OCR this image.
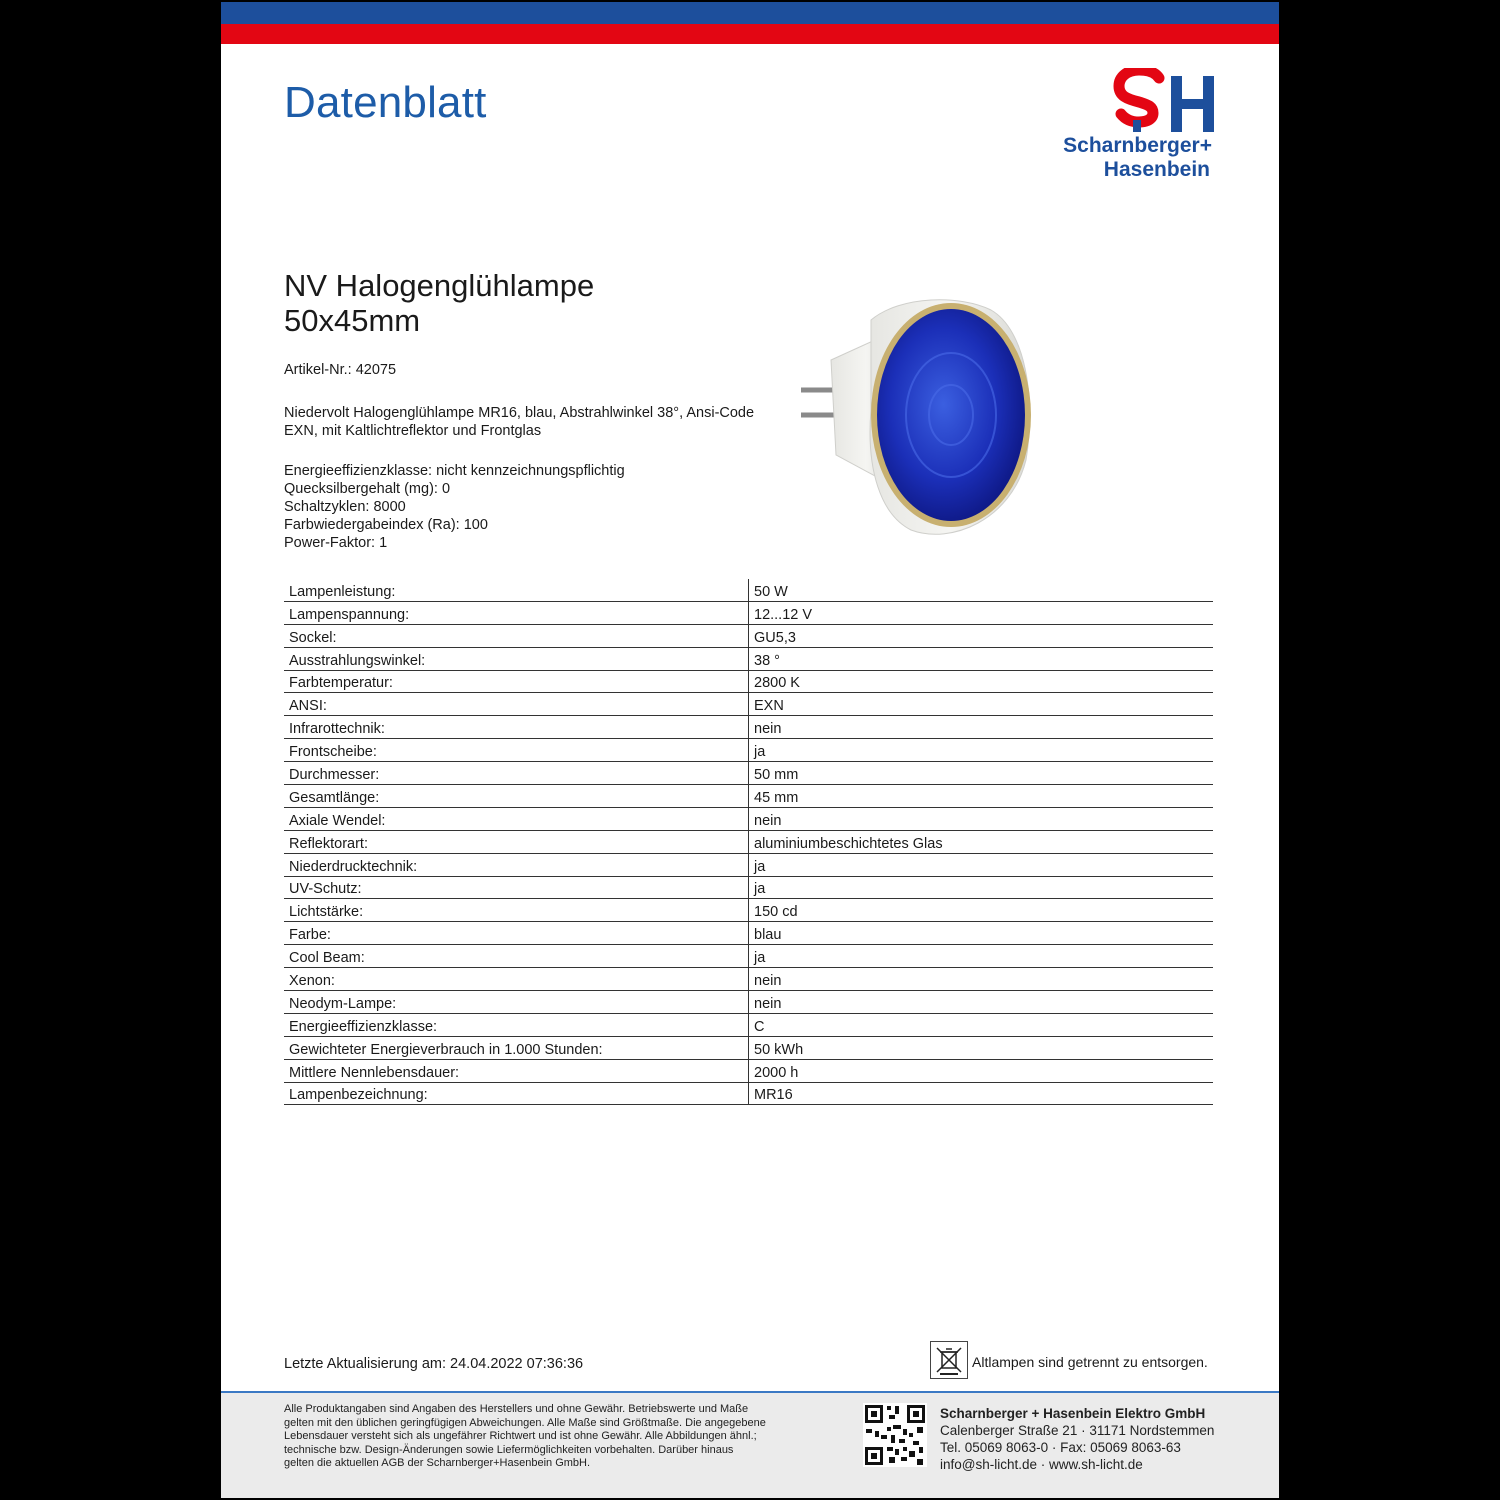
Datenblatt
Scharnberger+
Hasenbein
NV Halogenglühlampe
50x45mm
Artikel-Nr.: 42075
Niedervolt Halogenglühlampe MR16, blau, Abstrahlwinkel 38°, Ansi-Code EXN, mit Kaltlichtreflektor und Frontglas
Energieeffizienzklasse: nicht kennzeichnungspflichtig
Quecksilbergehalt (mg): 0
Schaltzyklen: 8000
Farbwiedergabeindex (Ra): 100
Power-Faktor: 1
Lampenleistung:	50 W
Lampenspannung:	12...12 V
Sockel:	GU5,3
Ausstrahlungswinkel:	38 °
Farbtemperatur:	2800 K
ANSI:	EXN
Infrarottechnik:	nein
Frontscheibe:	ja
Durchmesser:	50 mm
Gesamtlänge:	45 mm
Axiale Wendel:	nein
Reflektorart:	aluminiumbeschichtetes Glas
Niederdrucktechnik:	ja
UV-Schutz:	ja
Lichtstärke:	150 cd
Farbe:	blau
Cool Beam:	ja
Xenon:	nein
Neodym-Lampe:	nein
Energieeffizienzklasse:	C
Gewichteter Energieverbrauch in 1.000 Stunden:	50 kWh
Mittlere Nennlebensdauer:	2000 h
Lampenbezeichnung:	MR16
Letzte Aktualisierung am: 24.04.2022 07:36:36	Altlampen sind getrennt zu entsorgen.
Alle Produktangaben sind Angaben des Herstellers und ohne Gewähr. Betriebswerte und Maße
gelten mit den üblichen geringfügigen Abweichungen. Alle Maße sind Größtmaße. Die angegebene
Lebensdauer versteht sich als ungefährer Richtwert und ist ohne Gewähr. Alle Abbildungen ähnl.;
technische bzw. Design-Änderungen sowie Liefermöglichkeiten vorbehalten. Darüber hinaus
gelten die aktuellen AGB der Scharnberger+Hasenbein GmbH.
Scharnberger + Hasenbein Elektro GmbH
Calenberger Straße 21 · 31171 Nordstemmen
Tel. 05069 8063-0 · Fax: 05069 8063-63
info@sh-licht.de · www.sh-licht.de
